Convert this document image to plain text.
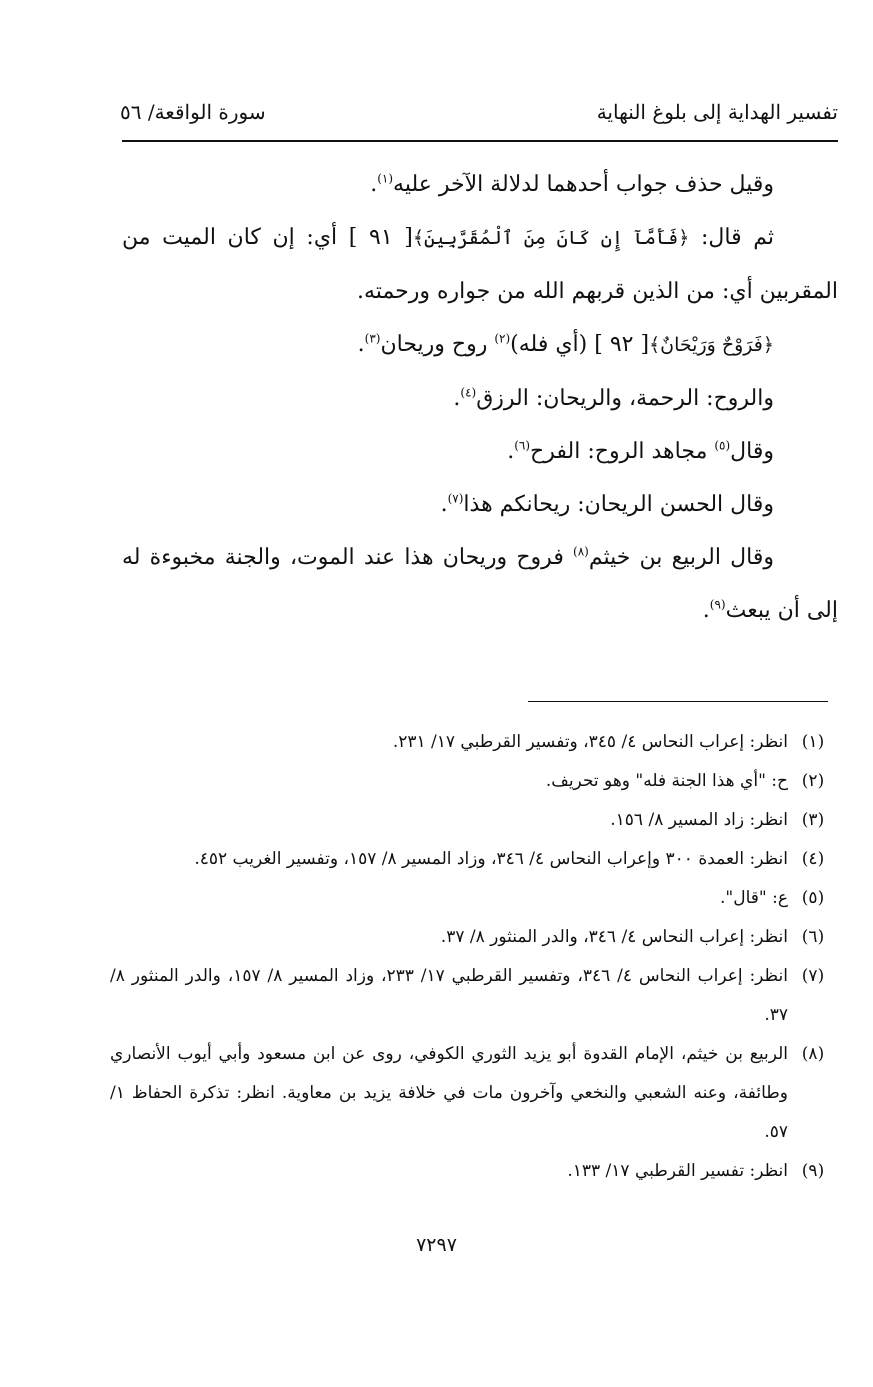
تفسير الهداية إلى بلوغ النهاية
سورة الواقعة/ ٥٦

وقيل حذف جواب أحدهما لدلالة الآخر عليه$^{(١)}$.

ثم قال: ﴿فَأَمَّآ إِن كَانَ مِنَ ٱلْمُقَرَّبِينَ﴾[ ٩١ ] أي: إن كان الميت من المقربين أي: من الذين قربهم الله من جواره ورحمته.

﴿فَرَوْحٌ وَرَيْحَانٌ﴾[ ٩٢ ] (أي فله)$^{(٢)}$ روح وريحان$^{(٣)}$.

والروح: الرحمة، والريحان: الرزق$^{(٤)}$.

وقال$^{(٥)}$ مجاهد الروح: الفرح$^{(٦)}$.

وقال الحسن الريحان: ريحانكم هذا$^{(٧)}$.

وقال الربيع بن خيثم$^{(٨)}$ فروح وريحان هذا عند الموت، والجنة مخبوءة له إلى أن يبعث$^{(٩)}$.

(١)
انظر: إعراب النحاس ٤/ ٣٤٥، وتفسير القرطبي ١٧/ ٢٣١.
(٢)
ح: "أي هذا الجنة فله" وهو تحريف.
(٣)
انظر: زاد المسير ٨/ ١٥٦.
(٤)
انظر: العمدة ٣٠٠ وإعراب النحاس ٤/ ٣٤٦، وزاد المسير ٨/ ١٥٧، وتفسير الغريب ٤٥٢.
(٥)
ع: "قال".
(٦)
انظر: إعراب النحاس ٤/ ٣٤٦، والدر المنثور ٨/ ٣٧.
(٧)
انظر: إعراب النحاس ٤/ ٣٤٦، وتفسير القرطبي ١٧/ ٢٣٣، وزاد المسير ٨/ ١٥٧، والدر المنثور ٨/ ٣٧.
(٨)
الربيع بن خيثم، الإمام القدوة أبو يزيد الثوري الكوفي، روى عن ابن مسعود وأبي أيوب الأنصاري وطائفة، وعنه الشعبي والنخعي وآخرون مات في خلافة يزيد بن معاوية. انظر: تذكرة الحفاظ ١/ ٥٧.
(٩)
انظر: تفسير القرطبي ١٧/ ١٣٣.
٧٢٩٧
